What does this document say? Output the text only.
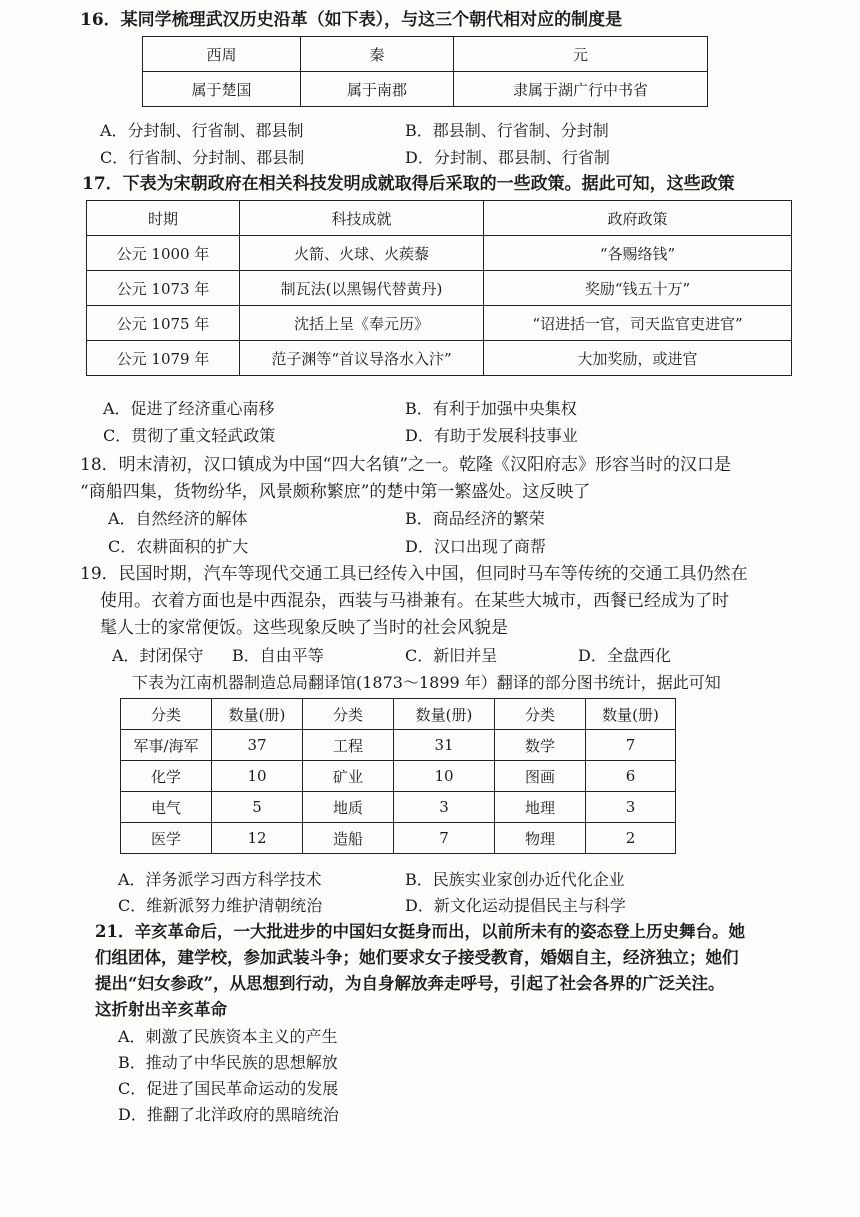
16．某同学梳理武汉历史沿革（如下表），与这三个朝代相对应的制度是
西周	秦	元
属于楚国	属于南郡	隶属于湖广行中书省
A．分封制、行省制、郡县制	B．郡县制、行省制、分封制
C．行省制、分封制、郡县制	D．分封制、郡县制、行省制
17．下表为宋朝政府在相关科技发明成就取得后采取的一些政策。据此可知，这些政策
时期	科技成就	政府政策
公元 1000 年	火箭、火球、火蒺藜	“各赐络钱”
公元 1073 年	制瓦法(以黑锡代替黄丹)	奖励“钱五十万”
公元 1075 年	沈括上呈《奉元历》	“诏进括一官，司天监官吏进官”
公元 1079 年	范子渊等“首议导洛水入汴”	大加奖励，或进官
A．促进了经济重心南移	B．有利于加强中央集权
C．贯彻了重文轻武政策	D．有助于发展科技事业
18．明末清初，汉口镇成为中国“四大名镇”之一。乾隆《汉阳府志》形容当时的汉口是
“商船四集，货物纷华，风景颇称繁庶”的楚中第一繁盛处。这反映了
A．自然经济的解体	B．商品经济的繁荣
C．农耕面积的扩大	D．汉口出现了商帮
19．民国时期，汽车等现代交通工具已经传入中国，但同时马车等传统的交通工具仍然在
使用。衣着方面也是中西混杂，西装与马褂兼有。在某些大城市，西餐已经成为了时
髦人士的家常便饭。这些现象反映了当时的社会风貌是
A．封闭保守 B．自由平等	C．新旧并呈	D．全盘西化
下表为江南机器制造总局翻译馆(1873～1899 年）翻译的部分图书统计，据此可知
分类	数量(册)	分类	数量(册)	分类	数量(册)
军事/海军	37	工程	31	数学	7
化学	10	矿业	10	图画	6
电气	5	地质	3	地理	3
医学	12	造船	7	物理	2
A．洋务派学习西方科学技术	B．民族实业家创办近代化企业
C．维新派努力维护清朝统治	D．新文化运动提倡民主与科学
21．辛亥革命后，一大批进步的中国妇女挺身而出，以前所未有的姿态登上历史舞台。她
们组团体，建学校，参加武装斗争；她们要求女子接受教育，婚姻自主，经济独立；她们
提出“妇女参政”，从思想到行动，为自身解放奔走呼号，引起了社会各界的广泛关注。
这折射出辛亥革命
A．刺激了民族资本主义的产生
B．推动了中华民族的思想解放
C．促进了国民革命运动的发展
D．推翻了北洋政府的黑暗统治
